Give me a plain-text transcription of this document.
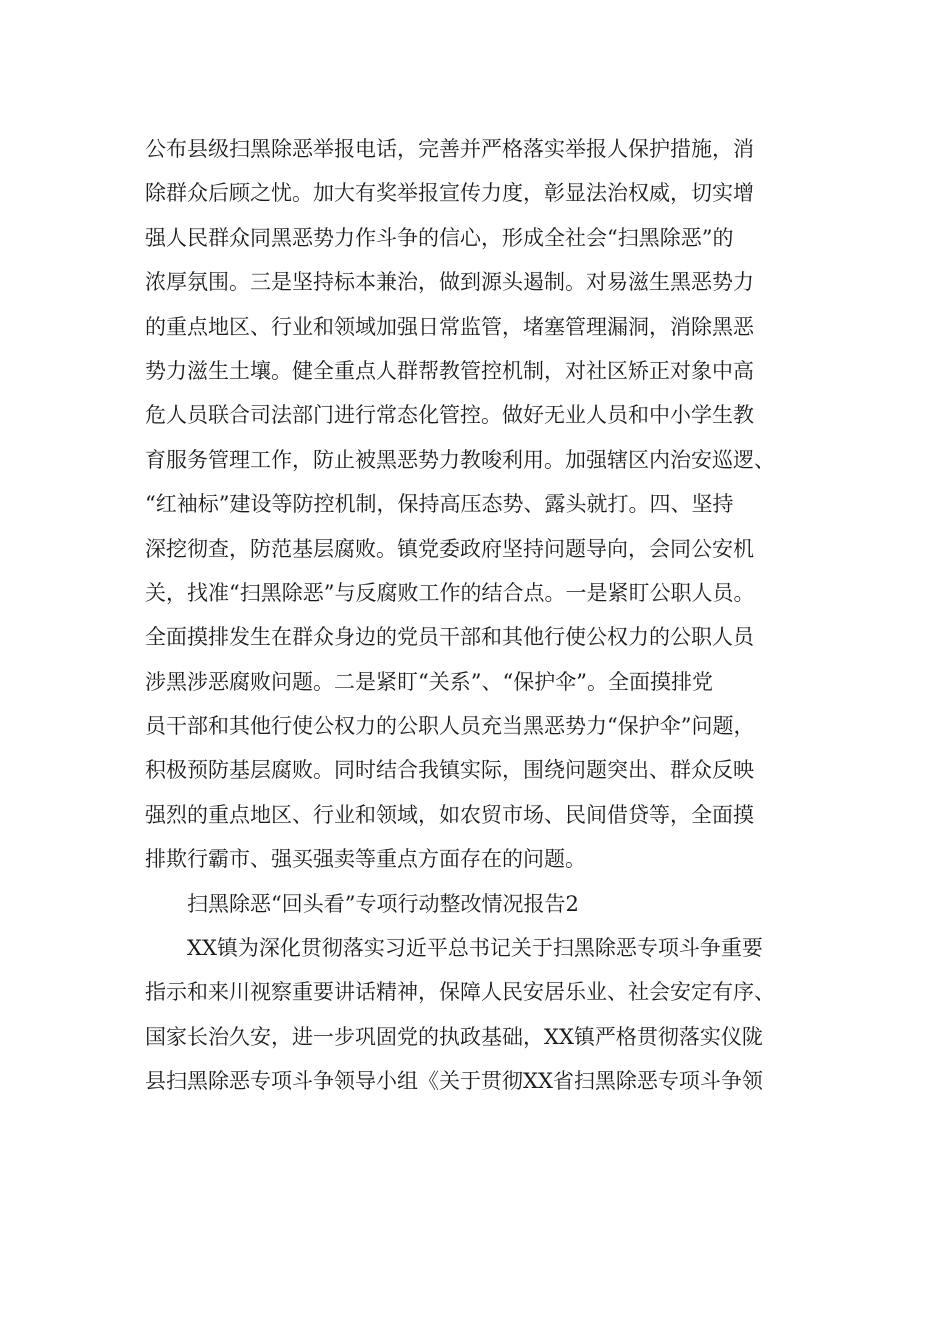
公布县级扫黑除恶举报电话，完善并严格落实举报人保护措施，消
除群众后顾之忧。加大有奖举报宣传力度，彰显法治权威，切实增
强人民群众同黑恶势力作斗争的信心，形成全社会“扫黑除恶”的
浓厚氛围。三是坚持标本兼治，做到源头遏制。对易滋生黑恶势力
的重点地区、行业和领域加强日常监管，堵塞管理漏洞，消除黑恶
势力滋生土壤。健全重点人群帮教管控机制，对社区矫正对象中高
危人员联合司法部门进行常态化管控。做好无业人员和中小学生教
育服务管理工作，防止被黑恶势力教唆利用。加强辖区内治安巡逻、
“红袖标”建设等防控机制，保持高压态势、露头就打。四、坚持
深挖彻查，防范基层腐败。镇党委政府坚持问题导向，会同公安机
关，找准“扫黑除恶”与反腐败工作的结合点。一是紧盯公职人员。
全面摸排发生在群众身边的党员干部和其他行使公权力的公职人员
涉黑涉恶腐败问题。二是紧盯“关系”、“保护伞”。全面摸排党
员干部和其他行使公权力的公职人员充当黑恶势力“保护伞”问题，
积极预防基层腐败。同时结合我镇实际，围绕问题突出、群众反映
强烈的重点地区、行业和领域，如农贸市场、民间借贷等，全面摸
排欺行霸市、强买强卖等重点方面存在的问题。
扫黑除恶“回头看”专项行动整改情况报告2
XX镇为深化贯彻落实习近平总书记关于扫黑除恶专项斗争重要
指示和来川视察重要讲话精神，保障人民安居乐业、社会安定有序、
国家长治久安，进一步巩固党的执政基础，XX镇严格贯彻落实仪陇
县扫黑除恶专项斗争领导小组《关于贯彻XX省扫黑除恶专项斗争领
